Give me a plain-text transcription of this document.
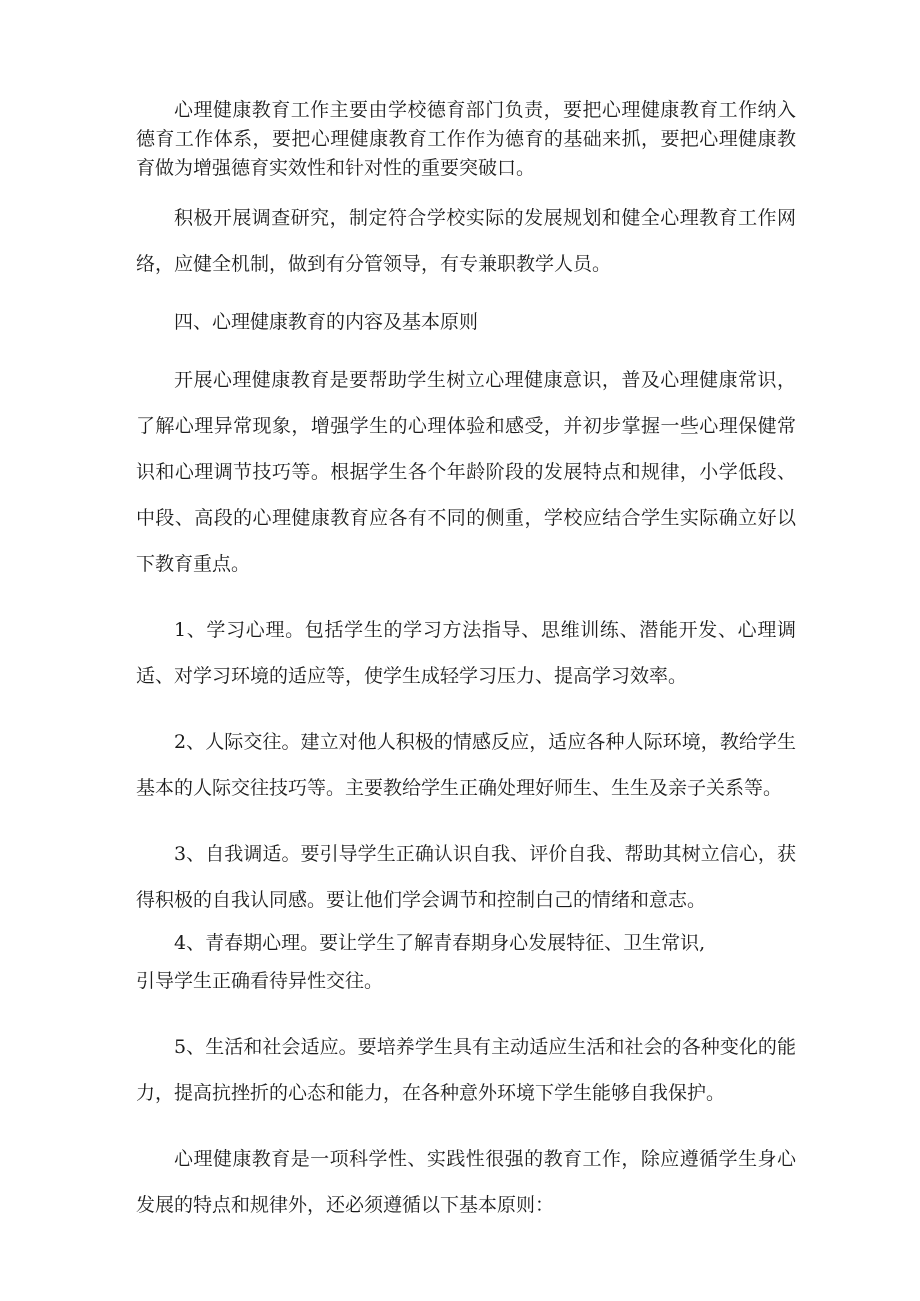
心理健康教育工作主要由学校德育部门负责，要把心理健康教育工作纳入德育工作体系，要把心理健康教育工作作为德育的基础来抓，要把心理健康教育做为增强德育实效性和针对性的重要突破口。

积极开展调查研究，制定符合学校实际的发展规划和健全心理教育工作网络，应健全机制，做到有分管领导，有专兼职教学人员。

四、心理健康教育的内容及基本原则

开展心理健康教育是要帮助学生树立心理健康意识，普及心理健康常识，了解心理异常现象，增强学生的心理体验和感受，并初步掌握一些心理保健常识和心理调节技巧等。根据学生各个年龄阶段的发展特点和规律，小学低段、中段、高段的心理健康教育应各有不同的侧重，学校应结合学生实际确立好以下教育重点。

1、学习心理。包括学生的学习方法指导、思维训练、潜能开发、心理调适、对学习环境的适应等，使学生成轻学习压力、提高学习效率。

2、人际交往。建立对他人积极的情感反应，适应各种人际环境，教给学生基本的人际交往技巧等。主要教给学生正确处理好师生、生生及亲子关系等。

3、自我调适。要引导学生正确认识自我、评价自我、帮助其树立信心，获得积极的自我认同感。要让他们学会调节和控制白己的情绪和意志。

4、青春期心理。要让学生了解青春期身心发展特征、卫生常识,

引导学生正确看待异性交往。

5、生活和社会适应。要培养学生具有主动适应生活和社会的各种变化的能力，提高抗挫折的心态和能力，在各种意外环境下学生能够自我保护。

心理健康教育是一项科学性、实践性很强的教育工作，除应遵循学生身心发展的特点和规律外，还必须遵循以下基本原则：
